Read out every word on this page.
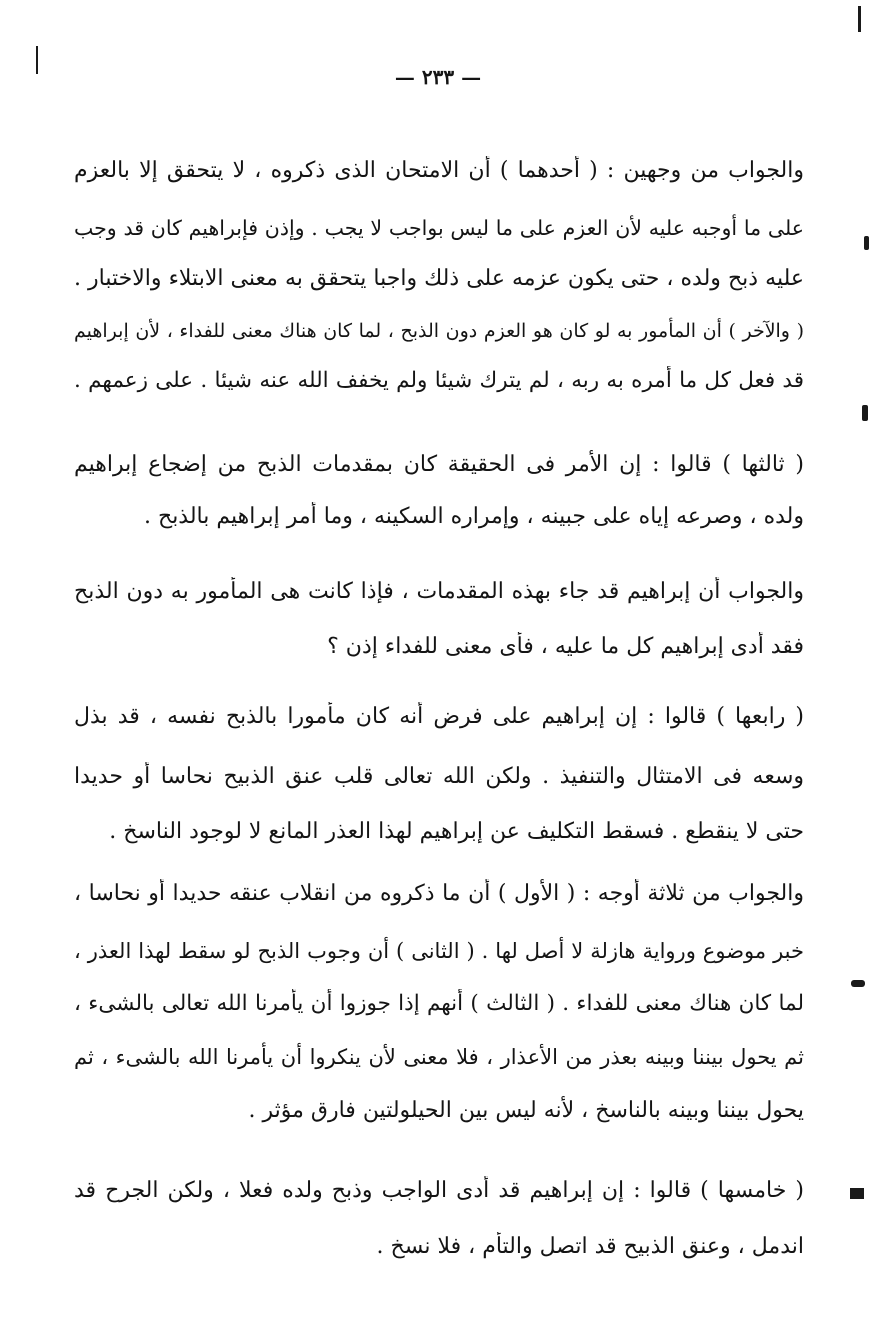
— ٢٣٣ —
والجواب من وجهين : ( أحدهما ) أن الامتحان الذى ذكروه ، لا يتحقق إلا بالعزم
على ما أوجبه عليه لأن العزم على ما ليس بواجب لا يجب . وإذن فإبراهيم كان قد وجب
عليه ذبح ولده ، حتى يكون عزمه على ذلك واجبا يتحقق به معنى الابتلاء والاختبار .
( والآخر ) أن المأمور به لو كان هو العزم دون الذبح ، لما كان هناك معنى للفداء ، لأن إبراهيم
قد فعل كل ما أمره به ربه ، لم يترك شيئا ولم يخفف الله عنه شيئا . على زعمهم .
( ثالثها ) قالوا : إن الأمر فى الحقيقة كان بمقدمات الذبح من إضجاع إبراهيم
ولده ، وصرعه إياه على جبينه ، وإمراره السكينه ، وما أمر إبراهيم بالذبح .
والجواب أن إبراهيم قد جاء بهذه المقدمات ، فإذا كانت هى المأمور به دون الذبح
فقد أدى إبراهيم كل ما عليه ، فأى معنى للفداء إذن ؟
( رابعها ) قالوا : إن إبراهيم على فرض أنه كان مأمورا بالذبح نفسه ، قد بذل
وسعه فى الامتثال والتنفيذ . ولكن الله تعالى قلب عنق الذبيح نحاسا أو حديدا
حتى لا ينقطع . فسقط التكليف عن إبراهيم لهذا العذر المانع لا لوجود الناسخ .
والجواب من ثلاثة أوجه : ( الأول ) أن ما ذكروه من انقلاب عنقه حديدا أو نحاسا ،
خبر موضوع ورواية هازلة لا أصل لها . ( الثانى ) أن وجوب الذبح لو سقط لهذا العذر ،
لما كان هناك معنى للفداء . ( الثالث ) أنهم إذا جوزوا أن يأمرنا الله تعالى بالشىء ،
ثم يحول بيننا وبينه بعذر من الأعذار ، فلا معنى لأن ينكروا أن يأمرنا الله بالشىء ، ثم
يحول بيننا وبينه بالناسخ ، لأنه ليس بين الحيلولتين فارق مؤثر .
( خامسها ) قالوا : إن إبراهيم قد أدى الواجب وذبح ولده فعلا ، ولكن الجرح قد
اندمل ، وعنق الذبيح قد اتصل والتأم ، فلا نسخ .
